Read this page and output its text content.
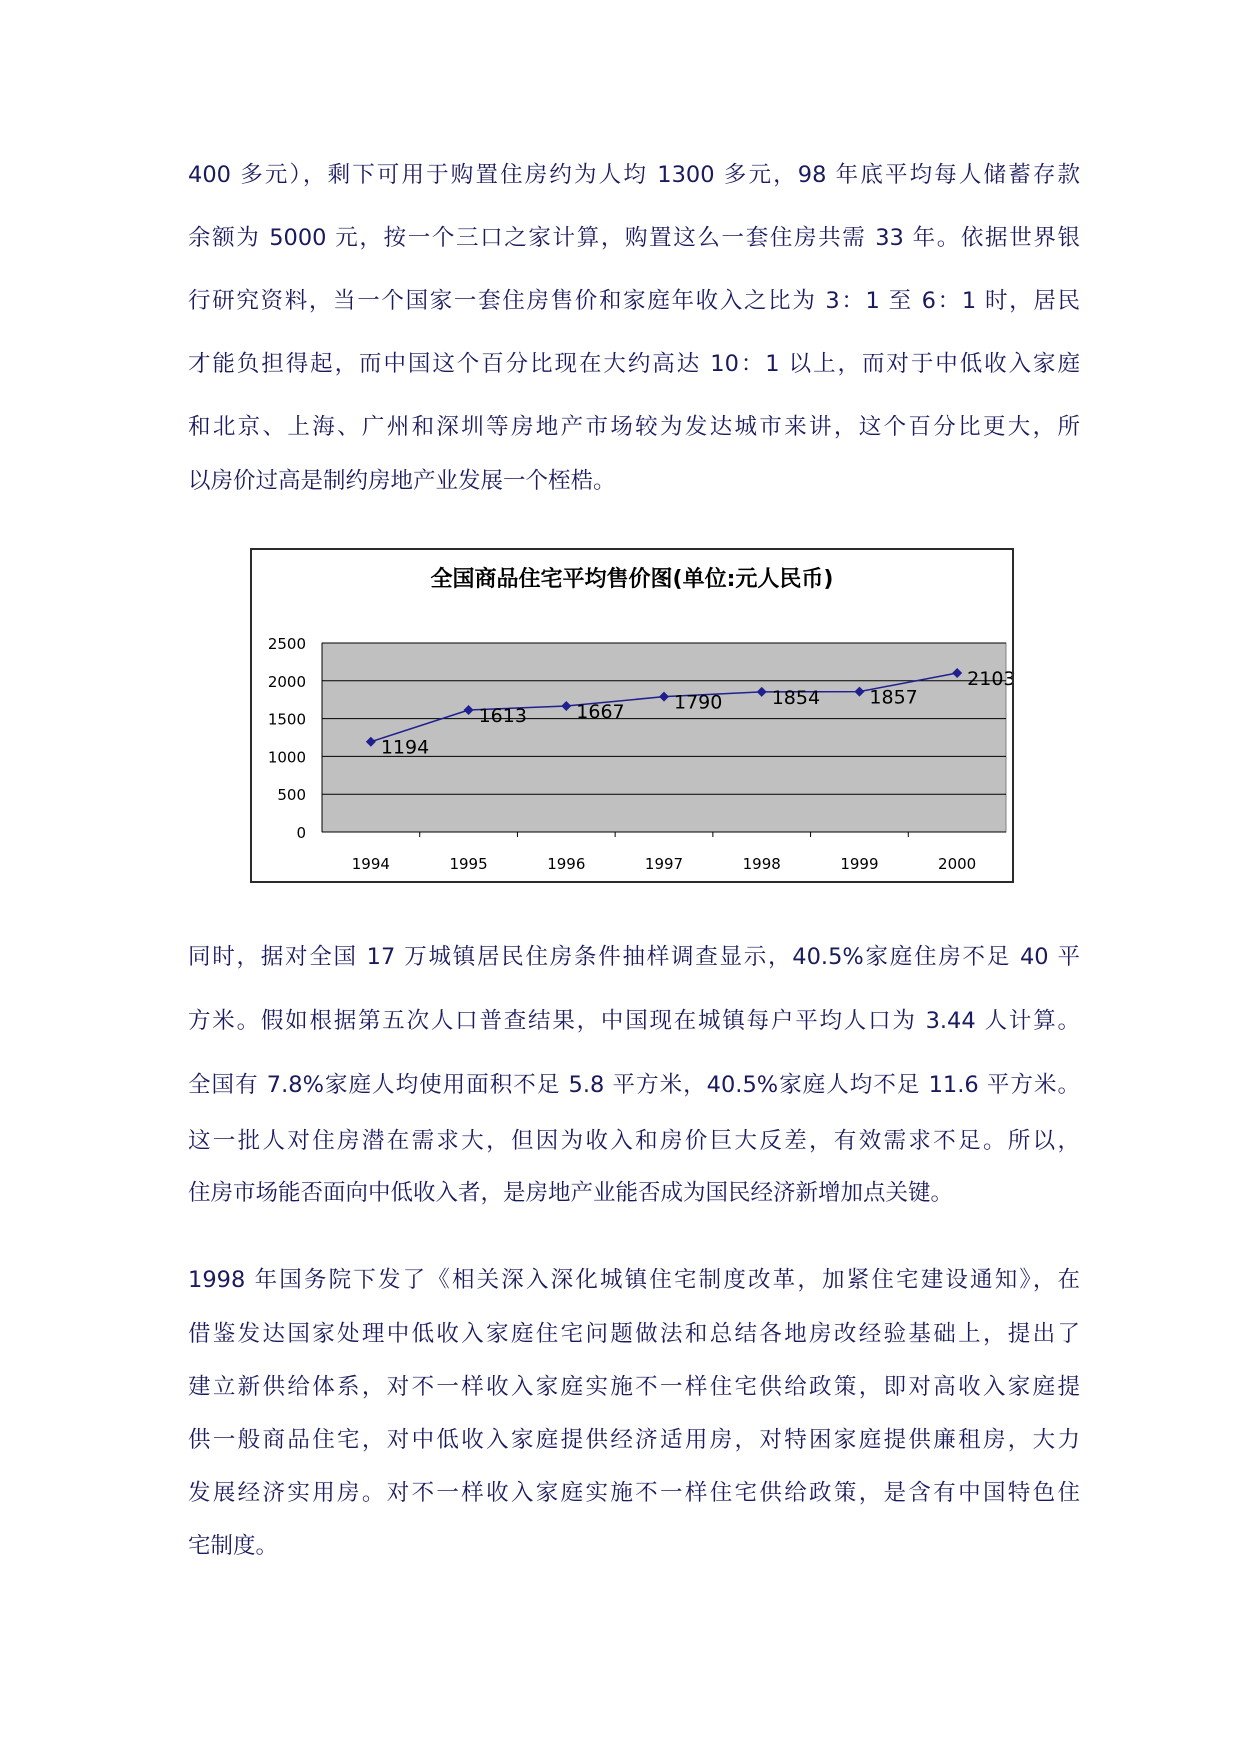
400 多元），剩下可用于购置住房约为人均 1300 多元，98 年底平均每人储蓄存款
余额为 5000 元，按一个三口之家计算，购置这么一套住房共需 33 年。依据世界银
行研究资料，当一个国家一套住房售价和家庭年收入之比为 3：1 至 6：1 时，居民
才能负担得起，而中国这个百分比现在大约高达 10：1 以上，而对于中低收入家庭
和北京、上海、广州和深圳等房地产市场较为发达城市来讲，这个百分比更大，所
以房价过高是制约房地产业发展一个桎梏。
全国商品住宅平均售价图(单位:元人民币)
0
500
1000
1500
2000
2500
1994	1995	1996	1997	1998	1999	2000
1194
1613	1667	1790	1854	1857
2103
同时，据对全国 17 万城镇居民住房条件抽样调查显示，40.5%家庭住房不足 40 平
方米。假如根据第五次人口普查结果，中国现在城镇每户平均人口为 3.44 人计算。
全国有 7.8%家庭人均使用面积不足 5.8 平方米，40.5%家庭人均不足 11.6 平方米。
这一批人对住房潜在需求大，但因为收入和房价巨大反差，有效需求不足。所以，
住房市场能否面向中低收入者，是房地产业能否成为国民经济新增加点关键。
1998 年国务院下发了《相关深入深化城镇住宅制度改革，加紧住宅建设通知》，在
借鉴发达国家处理中低收入家庭住宅问题做法和总结各地房改经验基础上，提出了
建立新供给体系，对不一样收入家庭实施不一样住宅供给政策，即对高收入家庭提
供一般商品住宅，对中低收入家庭提供经济适用房，对特困家庭提供廉租房，大力
发展经济实用房。对不一样收入家庭实施不一样住宅供给政策，是含有中国特色住
宅制度。
